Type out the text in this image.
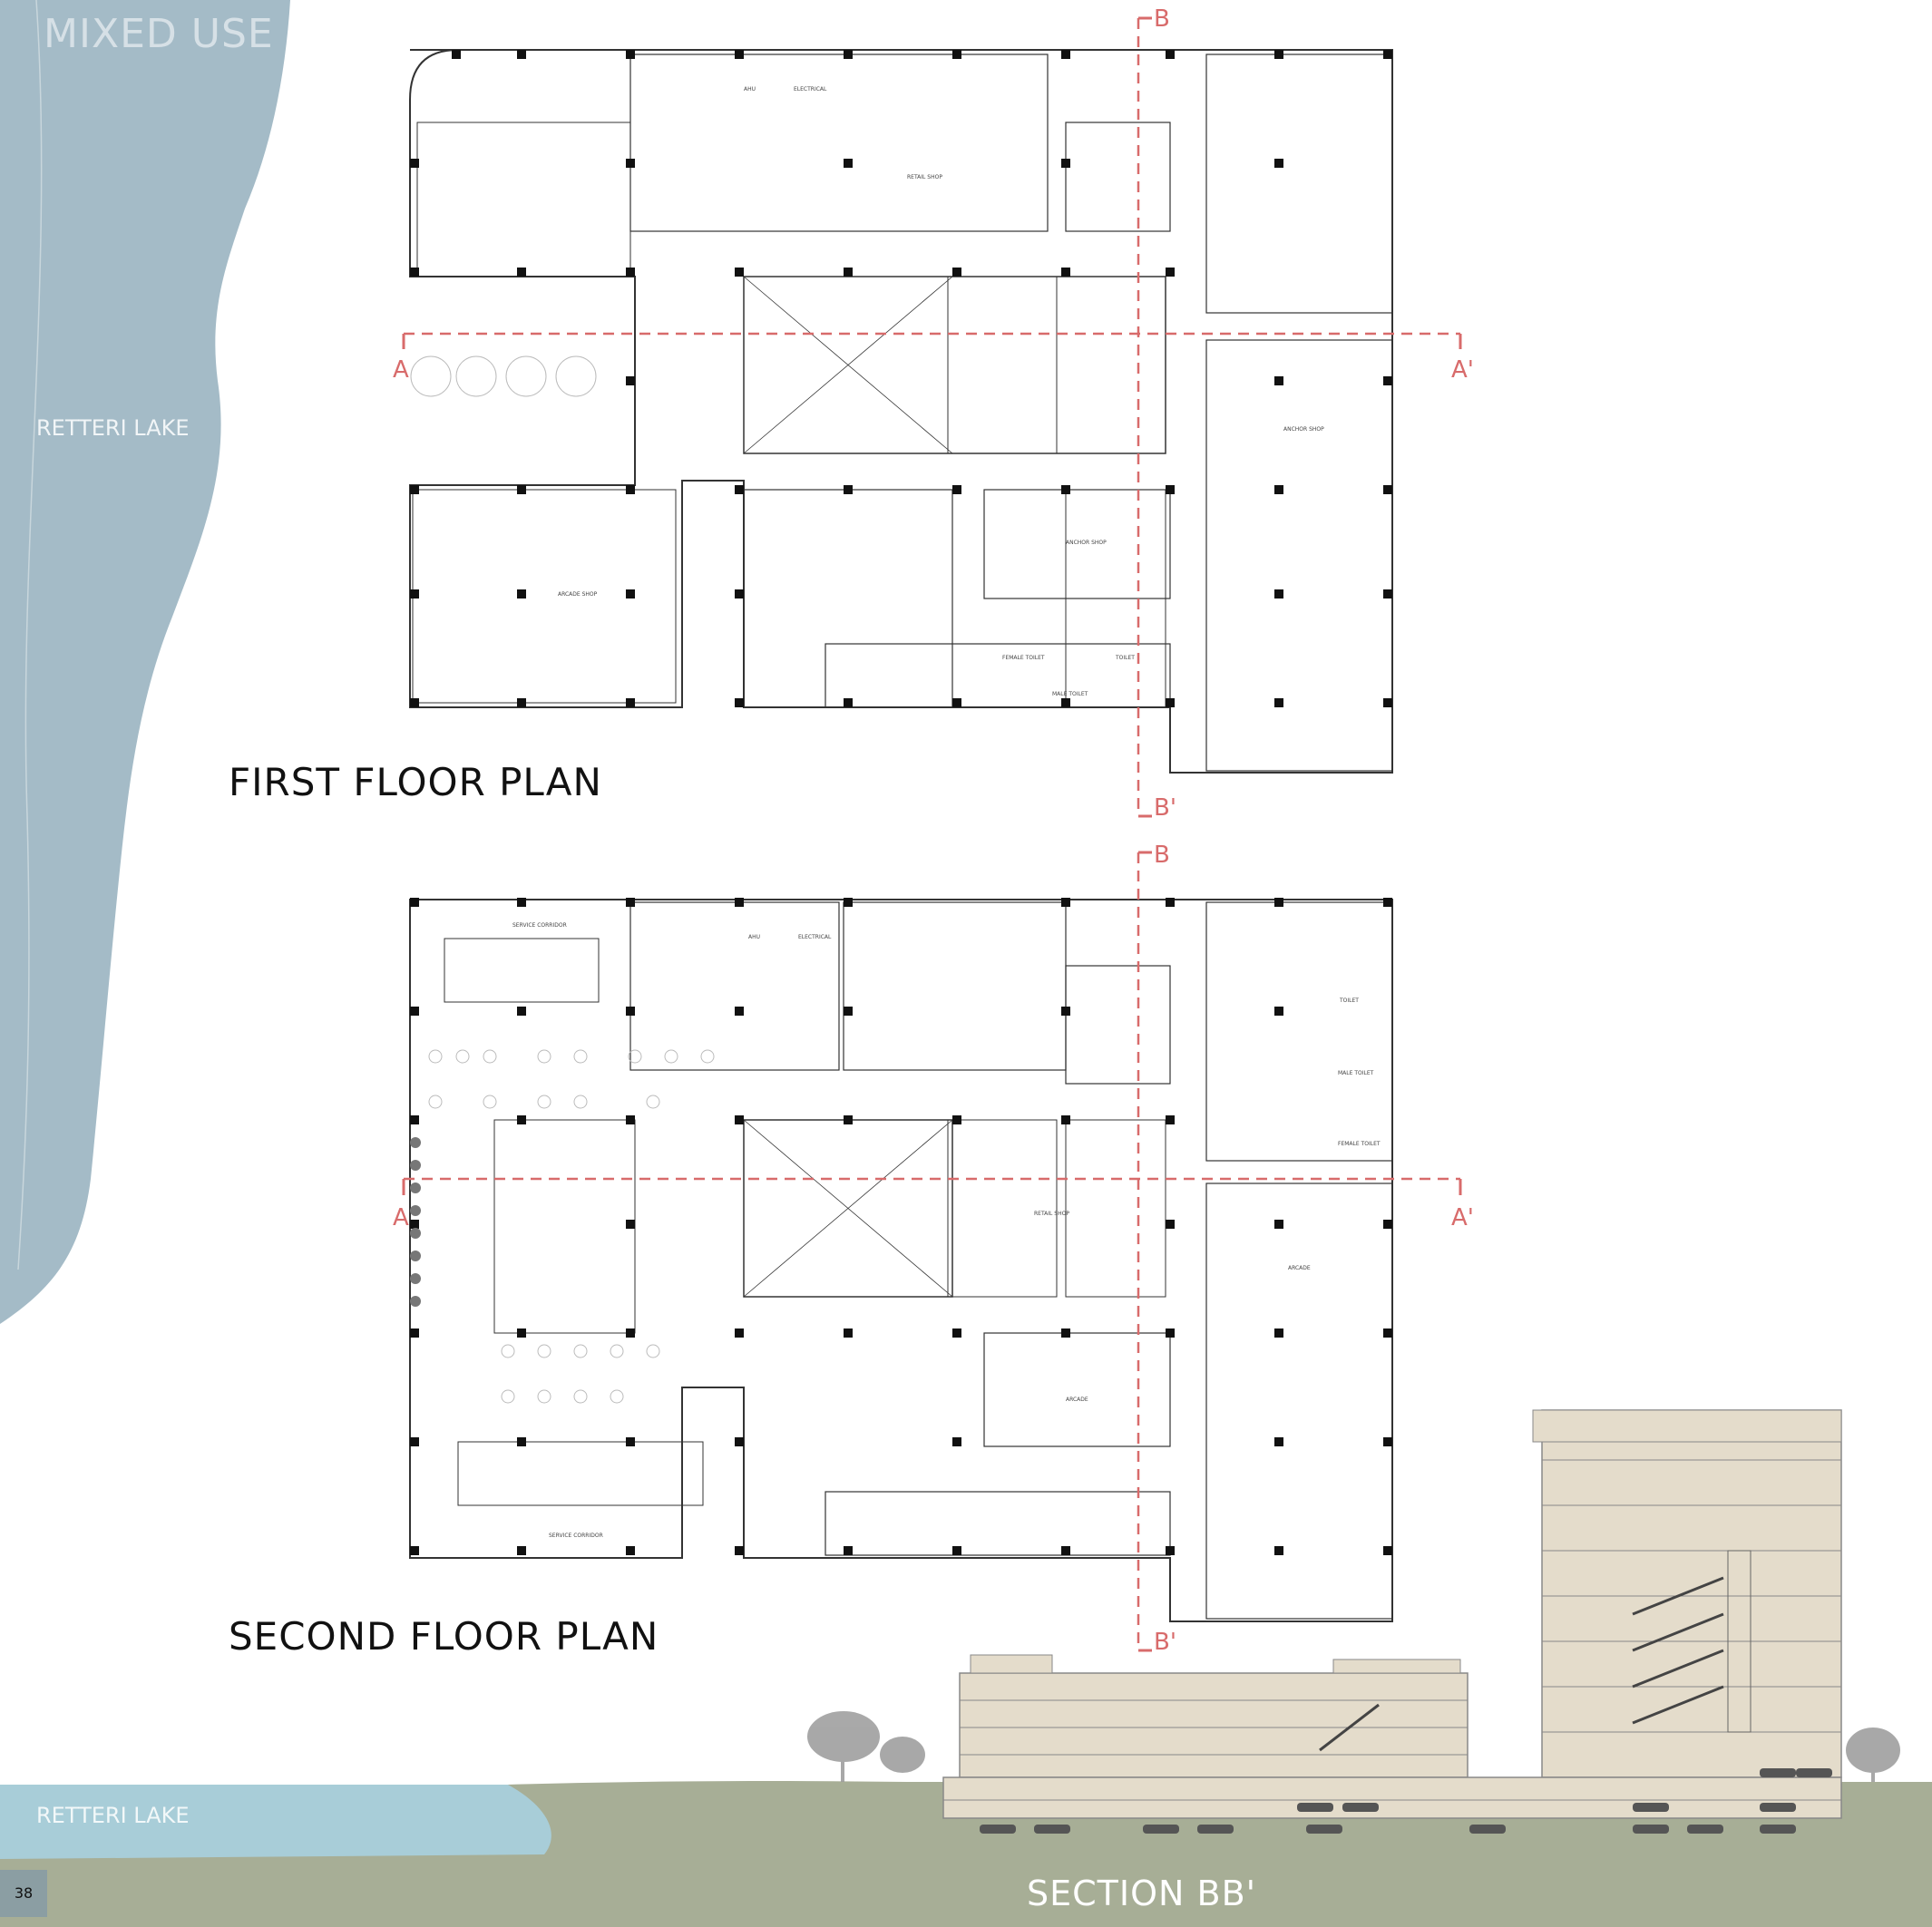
MIXED USE DEVELOPMENT
RETTERI LAKE
RETTERI LAKE
FIRST FLOOR PLAN
SECOND FLOOR PLAN
SECTION BB'
A	A'
B
B'
A	A'
B
B'
AHU	ELECTRICAL
RETAIL SHOP
ANCHOR SHOP
ANCHOR SHOP
ARCADE SHOP
FEMALE TOILET
MALE TOILET
TOILET
SERVICE CORRIDOR
AHU	ELECTRICAL
RETAIL SHOP
ARCADE
ARCADE
MALE TOILET
FEMALE TOILET
TOILET
SERVICE CORRIDOR
38
